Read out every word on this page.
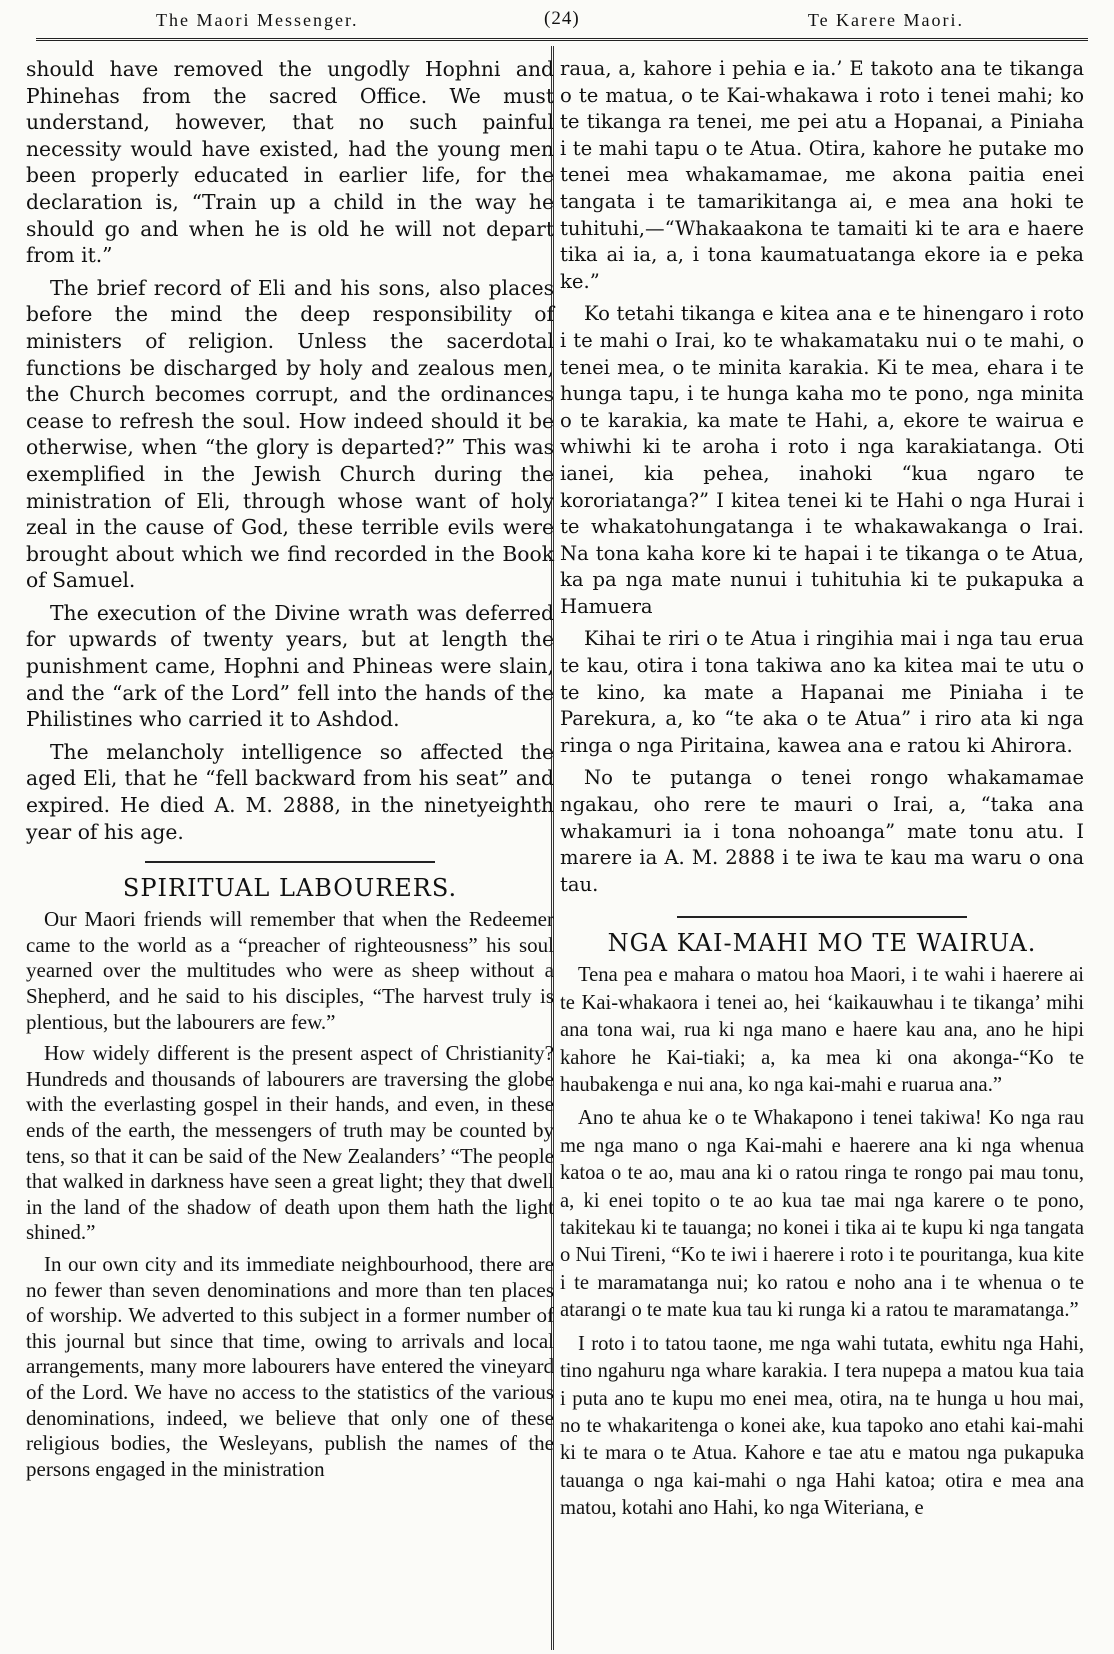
The Maori Messenger.	(24)	Te Karere Maori.

should have removed the ungodly Hophni and Phinehas from the sacred Office. We must understand, however, that no such painful necessity would have existed, had the young men been properly educated in earlier life, for the declaration is, “Train up a child in the way he should go and when he is old he will not depart from it.”

The brief record of Eli and his sons, also places before the mind the deep responsibility of ministers of religion. Unless the sacerdotal functions be discharged by holy and zealous men, the Church becomes corrupt, and the ordinances cease to refresh the soul. How indeed should it be otherwise, when “the glory is departed?” This was exemplified in the Jewish Church during the ministration of Eli, through whose want of holy zeal in the cause of God, these terrible evils were brought about which we find recorded in the Book of Samuel.

The execution of the Divine wrath was deferred for upwards of twenty years, but at length the punishment came, Hophni and Phineas were slain, and the “ark of the Lord” fell into the hands of the Philistines who carried it to Ashdod.

The melancholy intelligence so affected the aged Eli, that he “fell backward from his seat” and expired. He died A. M. 2888, in the ninetyeighth year of his age.

SPIRITUAL LABOURERS.

Our Maori friends will remember that when the Redeemer came to the world as a “preacher of righteousness” his soul yearned over the multitudes who were as sheep without a Shepherd, and he said to his disciples, “The harvest truly is plentious, but the labourers are few.”

How widely different is the present aspect of Christianity? Hundreds and thousands of labourers are traversing the globe with the everlasting gospel in their hands, and even, in these ends of the earth, the messengers of truth may be counted by tens, so that it can be said of the New Zealanders’ “The people that walked in darkness have seen a great light; they that dwell in the land of the shadow of death upon them hath the light shined.”

In our own city and its immediate neighbourhood, there are no fewer than seven denominations and more than ten places of worship. We adverted to this subject in a former number of this journal but since that time, owing to arrivals and local arrangements, many more labourers have entered the vineyard of the Lord. We have no access to the statistics of the various denominations, indeed, we believe that only one of these religious bodies, the Wesleyans, publish the names of the persons engaged in the ministration

raua, a, kahore i pehia e ia.’ E takoto ana te tikanga o te matua, o te Kai-whakawa i roto i tenei mahi; ko te tikanga ra tenei, me pei atu a Hopanai, a Piniaha i te mahi tapu o te Atua. Otira, kahore he putake mo tenei mea whakamamae, me akona paitia enei tangata i te tamarikitanga ai, e mea ana hoki te tuhituhi,—“Whakaakona te tamaiti ki te ara e haere tika ai ia, a, i tona kaumatuatanga ekore ia e peka ke.”

Ko tetahi tikanga e kitea ana e te hinengaro i roto i te mahi o Irai, ko te whakamataku nui o te mahi, o tenei mea, o te minita karakia. Ki te mea, ehara i te hunga tapu, i te hunga kaha mo te pono, nga minita o te karakia, ka mate te Hahi, a, ekore te wairua e whiwhi ki te aroha i roto i nga karakiatanga. Oti ianei, kia pehea, inahoki “kua ngaro te kororiatanga?” I kitea tenei ki te Hahi o nga Hurai i te whakatohungatanga i te whakawakanga o Irai. Na tona kaha kore ki te hapai i te tikanga o te Atua, ka pa nga mate nunui i tuhituhia ki te pukapuka a Hamuera

Kihai te riri o te Atua i ringihia mai i nga tau erua te kau, otira i tona takiwa ano ka kitea mai te utu o te kino, ka mate a Hapanai me Piniaha i te Parekura, a, ko “te aka o te Atua” i riro ata ki nga ringa o nga Piritaina, kawea ana e ratou ki Ahirora.

No te putanga o tenei rongo whakamamae ngakau, oho rere te mauri o Irai, a, “taka ana whakamuri ia i tona nohoanga” mate tonu atu. I marere ia A. M. 2888 i te iwa te kau ma waru o ona tau.

NGA KAI-MAHI MO TE WAIRUA.

Tena pea e mahara o matou hoa Maori, i te wahi i haerere ai te Kai-whakaora i tenei ao, hei ‘kaikauwhau i te tikanga’ mihi ana tona wai, rua ki nga mano e haere kau ana, ano he hipi kahore he Kai-tiaki; a, ka mea ki ona akonga-“Ko te haubakenga e nui ana, ko nga kai-mahi e ruarua ana.”

Ano te ahua ke o te Whakapono i tenei takiwa! Ko nga rau me nga mano o nga Kai-mahi e haerere ana ki nga whenua katoa o te ao, mau ana ki o ratou ringa te rongo pai mau tonu, a, ki enei topito o te ao kua tae mai nga karere o te pono, takitekau ki te tauanga; no konei i tika ai te kupu ki nga tangata o Nui Tireni, “Ko te iwi i haerere i roto i te pouritanga, kua kite i te maramatanga nui; ko ratou e noho ana i te whenua o te atarangi o te mate kua tau ki runga ki a ratou te maramatanga.”

I roto i to tatou taone, me nga wahi tutata, ewhitu nga Hahi, tino ngahuru nga whare karakia. I tera nupepa a matou kua taia i puta ano te kupu mo enei mea, otira, na te hunga u hou mai, no te whakaritenga o konei ake, kua tapoko ano etahi kai-mahi ki te mara o te Atua. Kahore e tae atu e matou nga pukapuka tauanga o nga kai-mahi o nga Hahi katoa; otira e mea ana matou, kotahi ano Hahi, ko nga Witeriana, e
